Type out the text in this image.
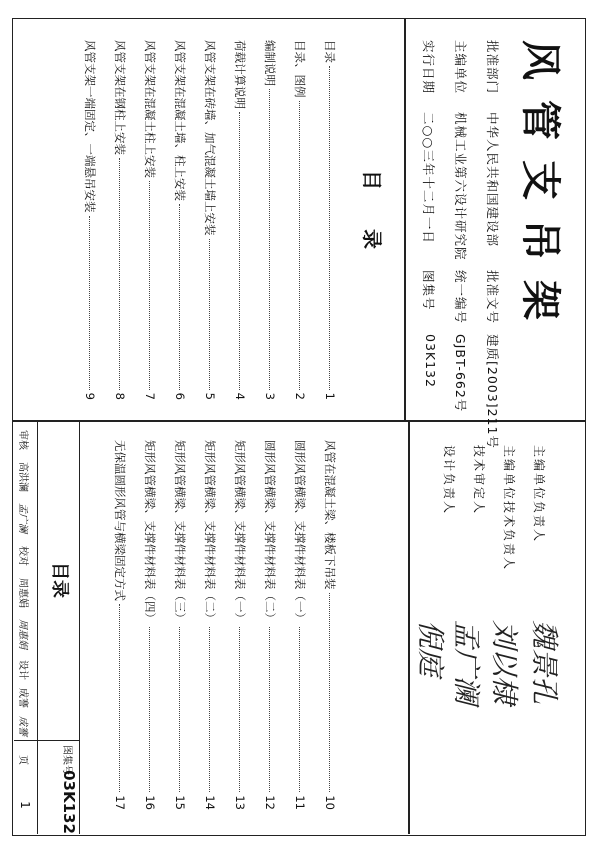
风管支吊架
批准部门
中华人民共和国建设部
批准文号
建质[2003]211号
主编单位
机械工业第六设计研究院
统一编号
GJBT-662号
实行日期
二○○三年十二月一日
图集号
03K132
目 录
目录
1
目录、图例
2
编制说明
3
荷载计算说明
4
风管支架在砖墙、加气混凝土墙上安装
5
风管支架在混凝土墙、柱上安装
6
风管支架在混凝土柱上安装
7
风管支架在钢柱上安装
8
风管支架一端固定、一端悬吊安装
9
风管在混凝土梁、楼板下吊装
10
圆形风管横梁、支撑件材料表（一）
11
圆形风管横梁、支撑件材料表（二）
12
矩形风管横梁、支撑件材料表（一）
13
矩形风管横梁、支撑件材料表（二）
14
矩形风管横梁、支撑件材料表（三）
15
矩形风管横梁、支撑件材料表（四）
16
无保温圆形风管与横梁固定方式
17
主编单位负责人
主编单位技术负责人
技术审定人
设计负责人
魏景孔
刘以棣
孟广澜
倪庭
目录
审核
高洪澜
孟广澜
校对
周惠娟
周惠娟
设计
成謇
成謇
图集号
03K132
页
1
